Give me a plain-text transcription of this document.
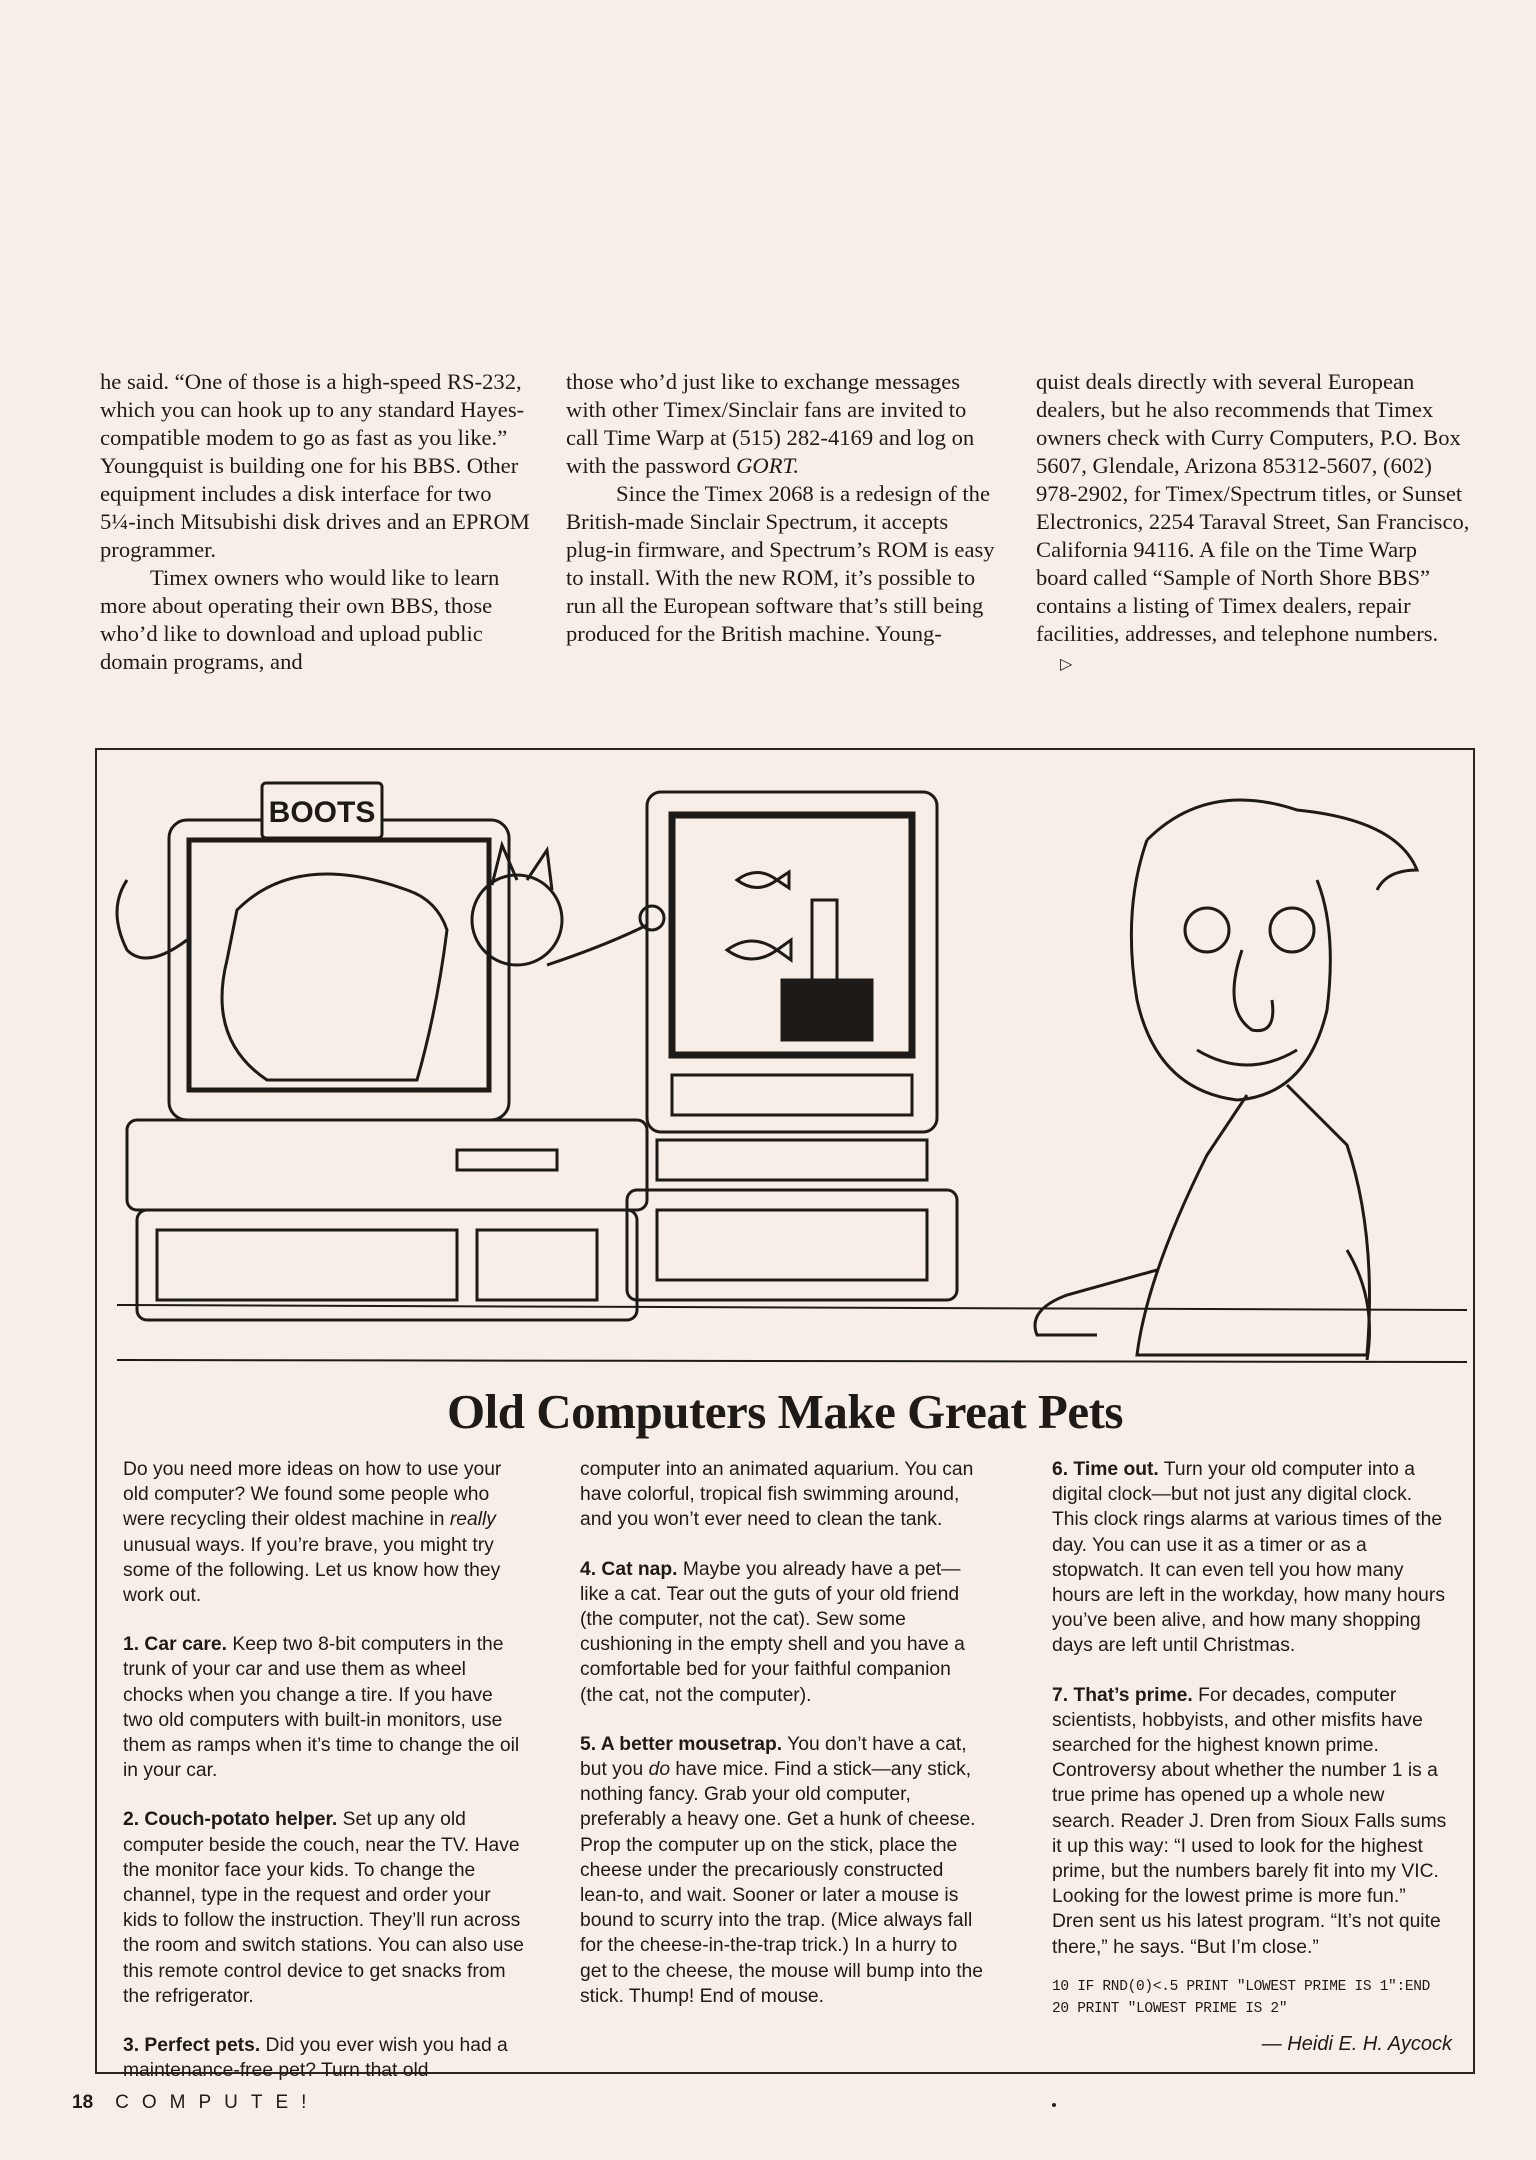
he said. “One of those is a high-speed RS-232, which you can hook up to any standard Hayes-compatible modem to go as fast as you like.” Youngquist is building one for his BBS. Other equipment includes a disk interface for two 5¼-inch Mitsubishi disk drives and an EPROM programmer.

Timex owners who would like to learn more about operating their own BBS, those who’d like to download and upload public domain programs, and

those who’d just like to exchange messages with other Timex/Sinclair fans are invited to call Time Warp at (515) 282-4169 and log on with the password GORT.

Since the Timex 2068 is a redesign of the British-made Sinclair Spectrum, it accepts plug-in firmware, and Spectrum’s ROM is easy to install. With the new ROM, it’s possible to run all the European software that’s still being produced for the British machine. Young-

quist deals directly with several European dealers, but he also recommends that Timex owners check with Curry Computers, P.O. Box 5607, Glendale, Arizona 85312-5607, (602) 978-2902, for Timex/Spectrum titles, or Sunset Electronics, 2254 Taraval Street, San Francisco, California 94116. A file on the Time Warp board called “Sample of North Shore BBS” contains a listing of Timex dealers, repair facilities, addresses, and telephone numbers.▷

BOOTS
Old Computers Make Great Pets

Do you need more ideas on how to use your old computer? We found some people who were recycling their oldest machine in really unusual ways. If you’re brave, you might try some of the following. Let us know how they work out.

1. Car care. Keep two 8-bit computers in the trunk of your car and use them as wheel chocks when you change a tire. If you have two old computers with built-in monitors, use them as ramps when it’s time to change the oil in your car.

2. Couch-potato helper. Set up any old computer beside the couch, near the TV. Have the monitor face your kids. To change the channel, type in the request and order your kids to follow the instruction. They’ll run across the room and switch stations. You can also use this remote control device to get snacks from the refrigerator.

3. Perfect pets. Did you ever wish you had a maintenance-free pet? Turn that old

computer into an animated aquarium. You can have colorful, tropical fish swimming around, and you won’t ever need to clean the tank.

4. Cat nap. Maybe you already have a pet—like a cat. Tear out the guts of your old friend (the computer, not the cat). Sew some cushioning in the empty shell and you have a comfortable bed for your faithful companion (the cat, not the computer).

5. A better mousetrap. You don’t have a cat, but you do have mice. Find a stick—any stick, nothing fancy. Grab your old computer, preferably a heavy one. Get a hunk of cheese. Prop the computer up on the stick, place the cheese under the precariously constructed lean-to, and wait. Sooner or later a mouse is bound to scurry into the trap. (Mice always fall for the cheese-in-the-trap trick.) In a hurry to get to the cheese, the mouse will bump into the stick. Thump! End of mouse.

6. Time out. Turn your old computer into a digital clock—but not just any digital clock. This clock rings alarms at various times of the day. You can use it as a timer or as a stopwatch. It can even tell you how many hours are left in the workday, how many hours you’ve been alive, and how many shopping days are left until Christmas.

7. That’s prime. For decades, computer scientists, hobbyists, and other misfits have searched for the highest known prime. Controversy about whether the number 1 is a true prime has opened up a whole new search. Reader J. Dren from Sioux Falls sums it up this way: “I used to look for the highest prime, but the numbers barely fit into my VIC. Looking for the lowest prime is more fun.” Dren sent us his latest program. “It’s not quite there,” he says. “But I’m close.”

10 IF RND(0)<.5 PRINT "LOWEST PRIME IS 1":END
20 PRINT "LOWEST PRIME IS 2"
— Heidi E. H. Aycock
18 COMPUTE!
